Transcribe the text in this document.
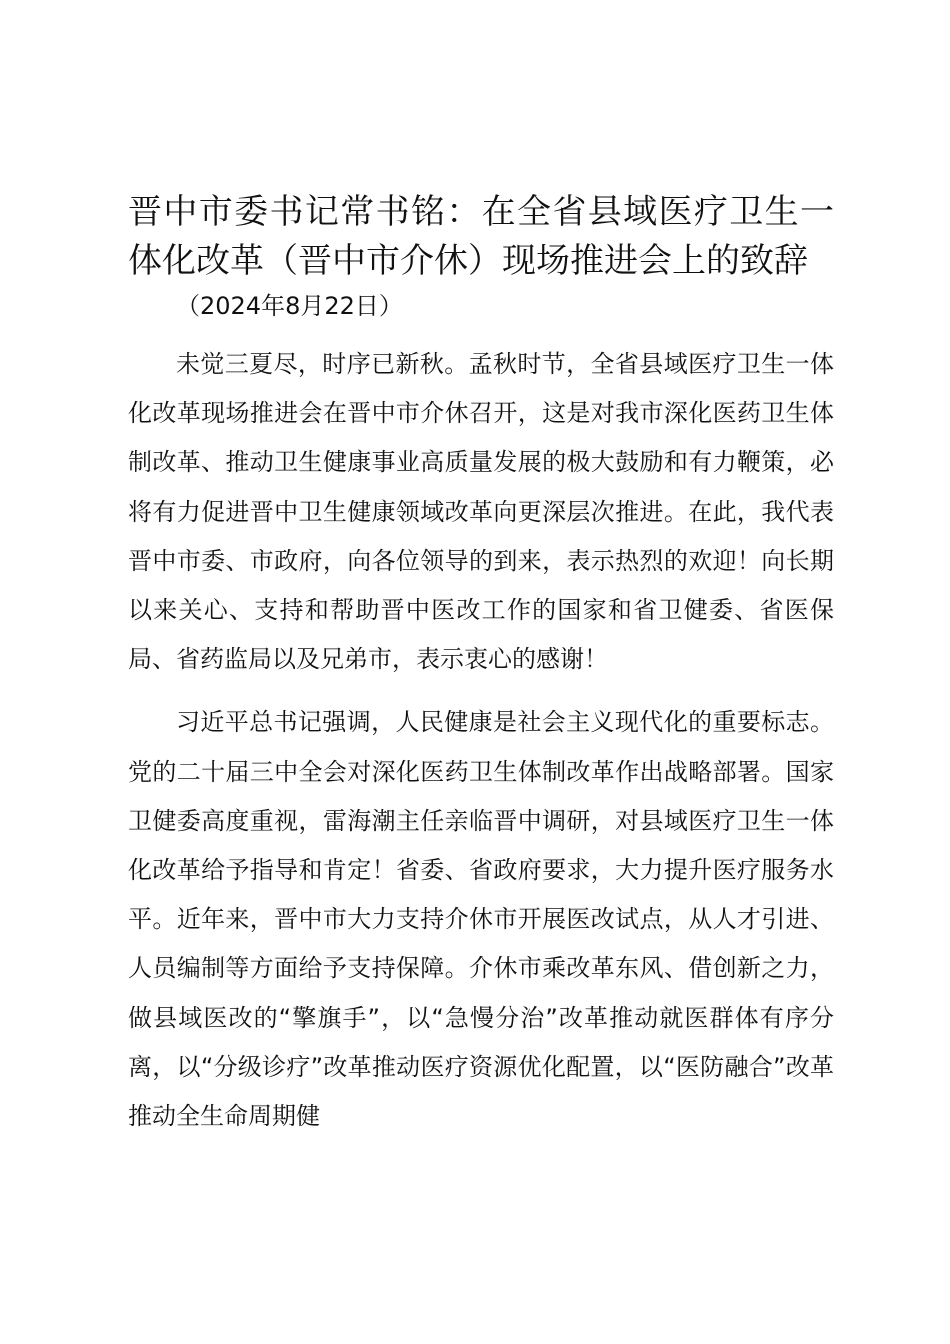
晋中市委书记常书铭：在全省县域医疗卫生一体化改革（晋中市介休）现场推进会上的致辞
（2024年8月22日）

未觉三夏尽，时序已新秋。孟秋时节，全省县域医疗卫生一体化改革现场推进会在晋中市介休召开，这是对我市深化医药卫生体制改革、推动卫生健康事业高质量发展的极大鼓励和有力鞭策，必将有力促进晋中卫生健康领域改革向更深层次推进。在此，我代表晋中市委、市政府，向各位领导的到来，表示热烈的欢迎！向长期以来关心、支持和帮助晋中医改工作的国家和省卫健委、省医保局、省药监局以及兄弟市，表示衷心的感谢！

习近平总书记强调，人民健康是社会主义现代化的重要标志。党的二十届三中全会对深化医药卫生体制改革作出战略部署。国家卫健委高度重视，雷海潮主任亲临晋中调研，对县域医疗卫生一体化改革给予指导和肯定！省委、省政府要求，大力提升医疗服务水平。近年来，晋中市大力支持介休市开展医改试点，从人才引进、人员编制等方面给予支持保障。介休市乘改革东风、借创新之力，做县域医改的“擎旗手”，以“急慢分治”改革推动就医群体有序分离，以“分级诊疗”改革推动医疗资源优化配置，以“医防融合”改革推动全生命周期健
